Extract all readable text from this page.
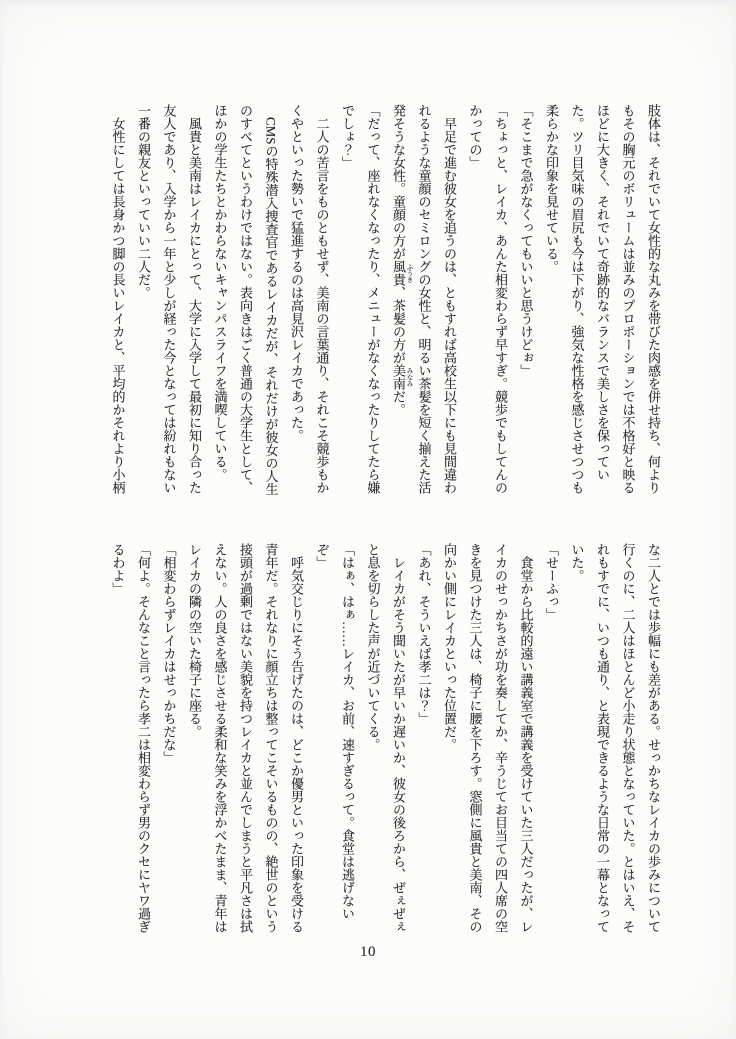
肢体は、それでいて女性的な丸みを帯びた肉感を併せ持ち、何よりもその胸元のボリュームは並みのプロポーションでは不格好と映るほどに大きく、それでいて奇跡的なバランスで美しさを保っていた。ツリ目気味の眉尻も今は下がり、強気な性格を感じさせつつも柔らかな印象を見せている。

「そこまで急がなくってもいいと思うけどぉ」

「ちょっと、レイカ、あんた相変わらず早すぎ。競歩でもしてんのかっての」

早足で進む彼女を追うのは、ともすれば高校生以下にも見間違われるような童顔のセミロングの女性と、明るい茶髪を短く揃えた活発そうな女性。童顔の方が風貴 ふうき、茶髪の方が美南 みなみだ。

「だって、座れなくなったり、メニューがなくなったりしてたら嫌でしょ？」

二人の苦言をものともせず、美南の言葉通り、それこそ競歩もかくやといった勢いで猛進するのは高見沢レイカであった。

CMSの特殊潜入捜査官であるレイカだが、それだけが彼女の人生のすべてというわけではない。表向きはごく普通の大学生として、ほかの学生たちとかわらないキャンパスライフを満喫している。

風貴と美南はレイカにとって、大学に入学して最初に知り合った友人であり、入学から一年と少しが経った今となっては紛れもない一番の親友といっていい二人だ。

女性にしては長身かつ脚の長いレイカと、平均的かそれより小柄

な二人とでは歩幅にも差がある。せっかちなレイカの歩みについて行くのに、二人はほとんど小走り状態となっていた。とはいえ、それもすでに、いつも通り、と表現できるような日常の一幕となっていた。

「せーふっ」

食堂から比較的遠い講義室で講義を受けていた三人だったが、レイカのせっかちさが功を奏してか、辛うじてお目当ての四人席の空きを見つけた三人は、椅子に腰を下ろす。窓側に風貴と美南、その向かい側にレイカといった位置だ。

「あれ、そういえば孝二は？」

レイカがそう聞いたが早いか遅いか、彼女の後ろから、ぜぇぜぇと息を切らした声が近づいてくる。

「はぁ、はぁ……レイカ、お前、速すぎるって。食堂は逃げないぞ」

呼気交じりにそう告げたのは、どこか優男といった印象を受ける青年だ。それなりに顔立ちは整ってこそいるものの、絶世のという接頭が過剰ではない美貌を持つレイカと並んでしまうと平凡さは拭えない。人の良さを感じさせる柔和な笑みを浮かべたまま、青年はレイカの隣の空いた椅子に座る。

「相変わらずレイカはせっかちだな」

「何よ。そんなこと言ったら孝二は相変わらず男のクセにヤワ過ぎるわよ」

10
